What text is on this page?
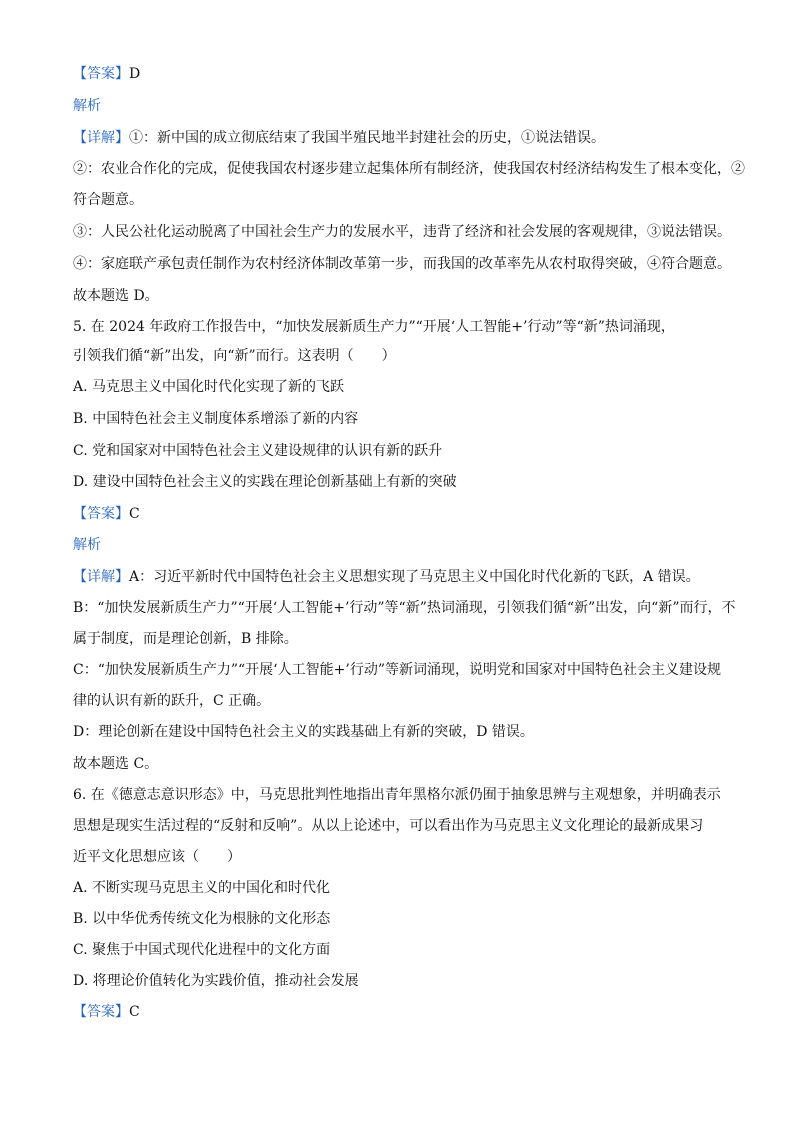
【答案】D
解析
【详解】①：新中国的成立彻底结束了我国半殖民地半封建社会的历史，①说法错误。
②：农业合作化的完成，促使我国农村逐步建立起集体所有制经济，使我国农村经济结构发生了根本变化，②
符合题意。
③：人民公社化运动脱离了中国社会生产力的发展水平，违背了经济和社会发展的客观规律，③说法错误。
④：家庭联产承包责任制作为农村经济体制改革第一步，而我国的改革率先从农村取得突破，④符合题意。
故本题选 D。
5. 在 2024 年政府工作报告中，“加快发展新质生产力”“开展‘人工智能+’行动”等“新”热词涌现，
引领我们循“新”出发，向“新”而行。这表明（　　）
A. 马克思主义中国化时代化实现了新的飞跃
B. 中国特色社会主义制度体系增添了新的内容
C. 党和国家对中国特色社会主义建设规律的认识有新的跃升
D. 建设中国特色社会主义的实践在理论创新基础上有新的突破
【答案】C
解析
【详解】A：习近平新时代中国特色社会主义思想实现了马克思主义中国化时代化新的飞跃，A 错误。
B：“加快发展新质生产力”“开展‘人工智能+’行动”等“新”热词涌现，引领我们循“新”出发，向“新”而行，不
属于制度，而是理论创新，B 排除。
C：“加快发展新质生产力”“开展‘人工智能+’行动”等新词涌现，说明党和国家对中国特色社会主义建设规
律的认识有新的跃升，C 正确。
D：理论创新在建设中国特色社会主义的实践基础上有新的突破，D 错误。
故本题选 C。
6. 在《德意志意识形态》中，马克思批判性地指出青年黑格尔派仍囿于抽象思辨与主观想象，并明确表示
思想是现实生活过程的“反射和反响”。从以上论述中，可以看出作为马克思主义文化理论的最新成果习
近平文化思想应该（　　）
A. 不断实现马克思主义的中国化和时代化
B. 以中华优秀传统文化为根脉的文化形态
C. 聚焦于中国式现代化进程中的文化方面
D. 将理论价值转化为实践价值，推动社会发展
【答案】C
